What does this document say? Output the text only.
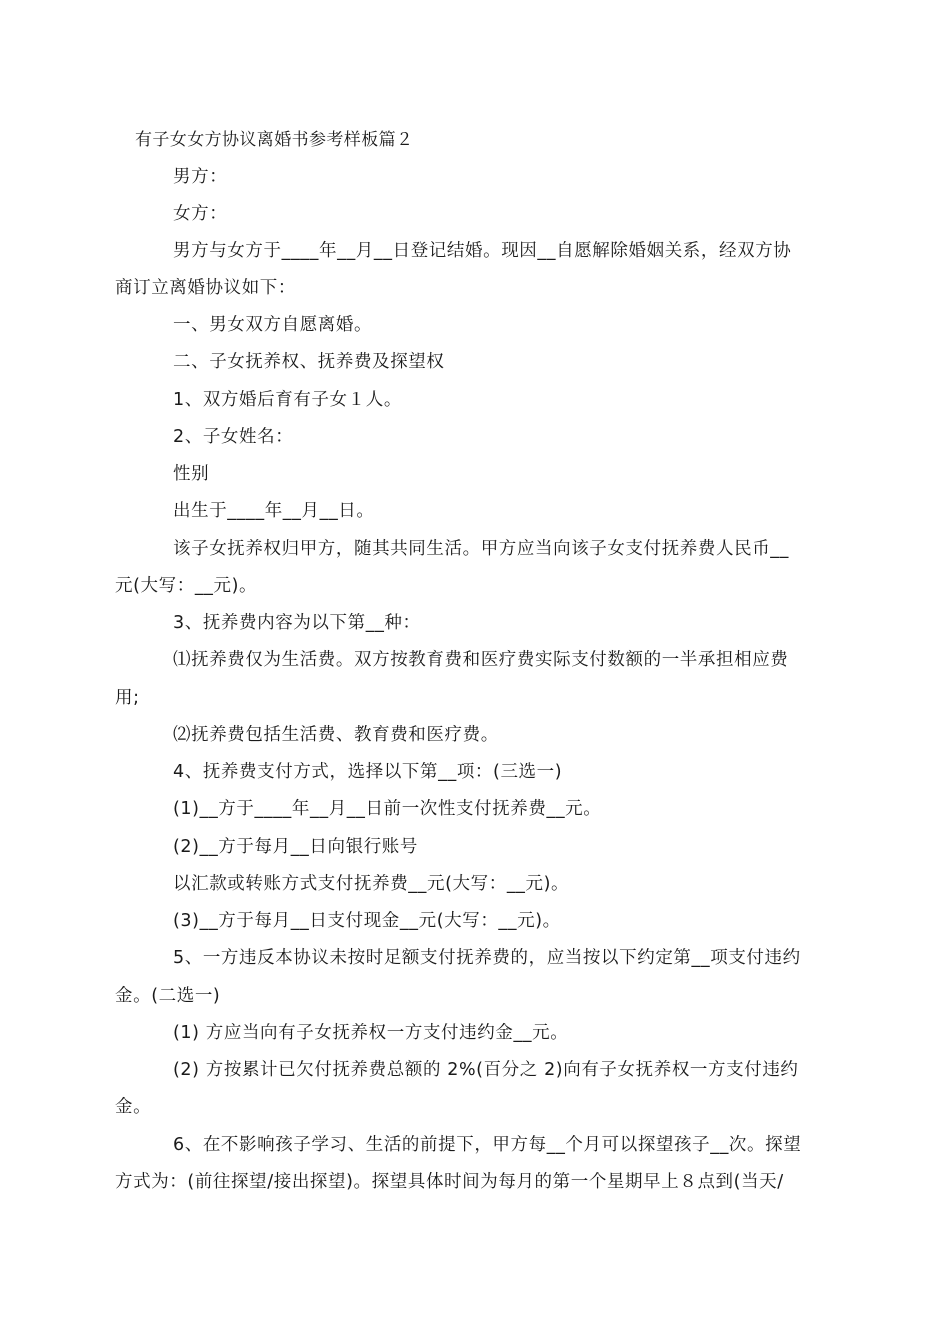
有子女女方协议离婚书参考样板篇２
男方：
女方：
男方与女方于____年__月__日登记结婚。现因__自愿解除婚姻关系，经双方协
商订立离婚协议如下：
一、男女双方自愿离婚。
二、子女抚养权、抚养费及探望权
1、双方婚后育有子女１人。
2、子女姓名：
性别
出生于____年__月__日。
该子女抚养权归甲方，随其共同生活。甲方应当向该子女支付抚养费人民币__
元(大写：__元)。
3、抚养费内容为以下第__种：
⑴抚养费仅为生活费。双方按教育费和医疗费实际支付数额的一半承担相应费
用;
⑵抚养费包括生活费、教育费和医疗费。
4、抚养费支付方式，选择以下第__项：(三选一)
(1)__方于____年__月__日前一次性支付抚养费__元。
(2)__方于每月__日向银行账号
以汇款或转账方式支付抚养费__元(大写：__元)。
(3)__方于每月__日支付现金__元(大写：__元)。
5、一方违反本协议未按时足额支付抚养费的，应当按以下约定第__项支付违约
金。(二选一)
(1) 方应当向有子女抚养权一方支付违约金__元。
(2) 方按累计已欠付抚养费总额的 2%(百分之 2)向有子女抚养权一方支付违约
金。
6、在不影响孩子学习、生活的前提下，甲方每__个月可以探望孩子__次。探望
方式为：(前往探望/接出探望)。探望具体时间为每月的第一个星期早上８点到(当天/
